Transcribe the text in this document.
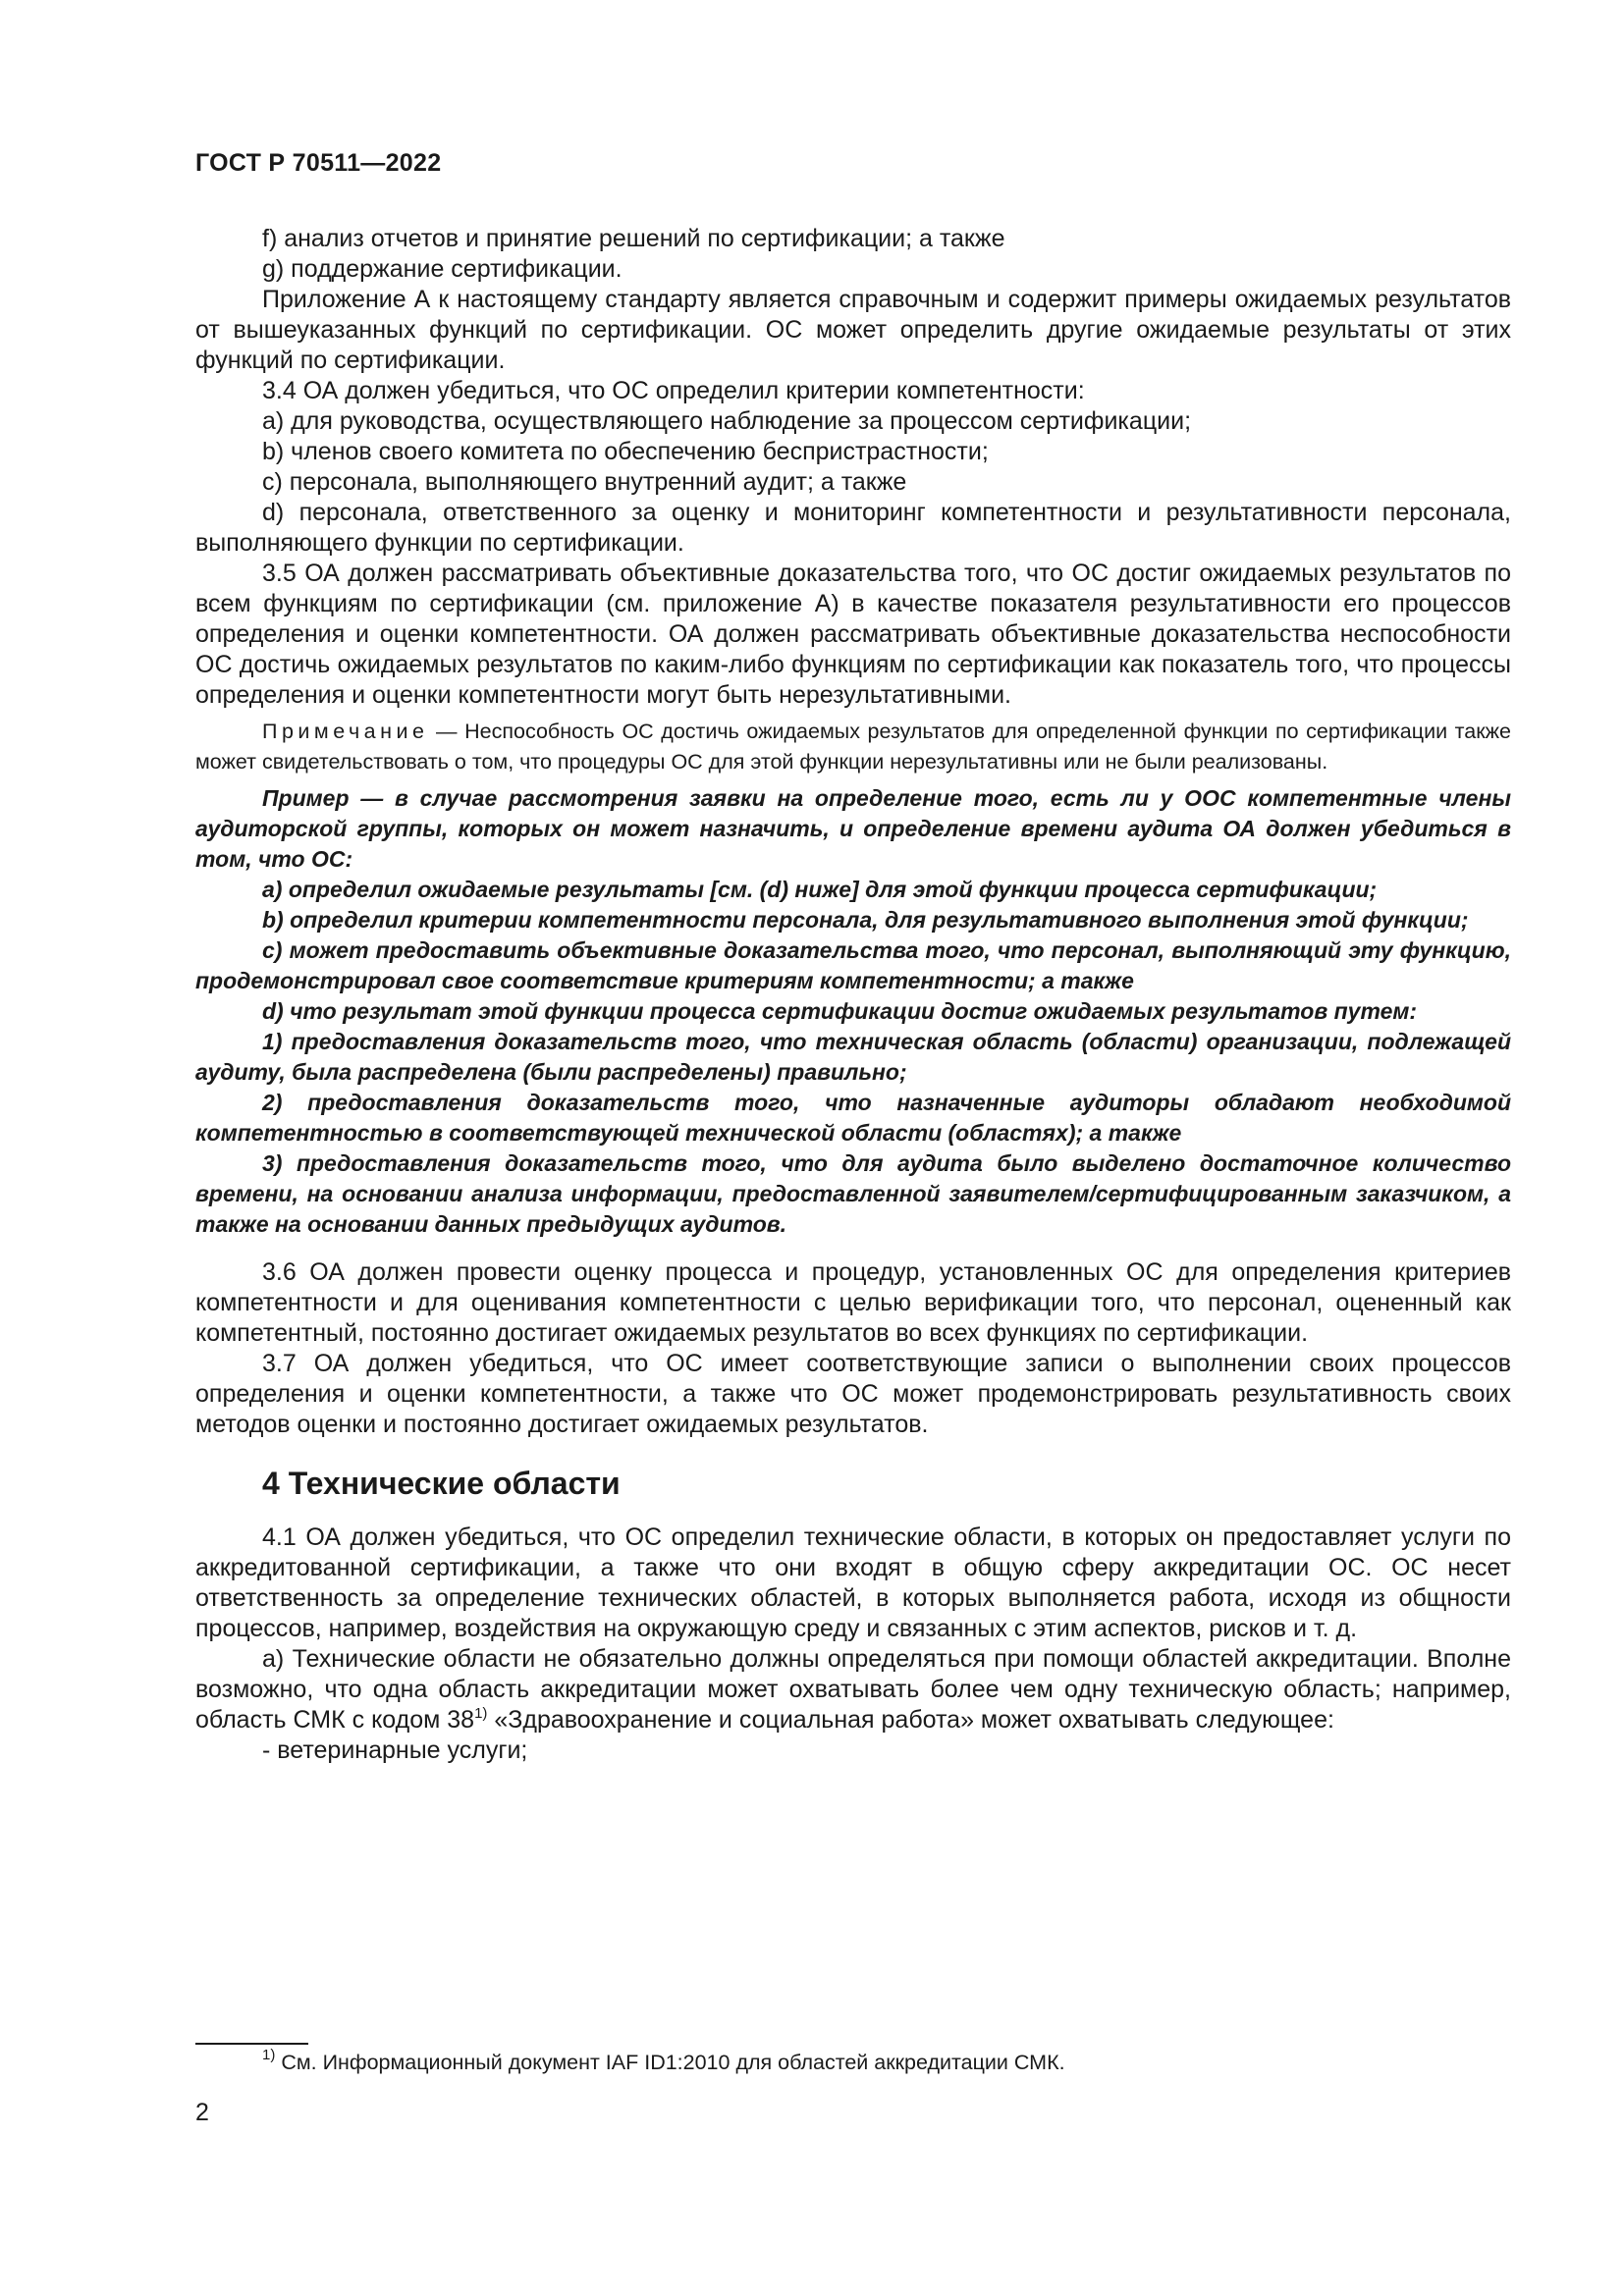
ГОСТ Р 70511—2022

f) анализ отчетов и принятие решений по сертификации; а также

g) поддержание сертификации.

Приложение А к настоящему стандарту является справочным и содержит примеры ожидаемых результатов от вышеуказанных функций по сертификации. ОС может определить другие ожидаемые результаты от этих функций по сертификации.

3.4 ОА должен убедиться, что ОС определил критерии компетентности:

a) для руководства, осуществляющего наблюдение за процессом сертификации;

b) членов своего комитета по обеспечению беспристрастности;

c) персонала, выполняющего внутренний аудит; а также

d) персонала, ответственного за оценку и мониторинг компетентности и результативности персонала, выполняющего функции по сертификации.

3.5 ОА должен рассматривать объективные доказательства того, что ОС достиг ожидаемых результатов по всем функциям по сертификации (см. приложение А) в качестве показателя результативности его процессов определения и оценки компетентности. ОА должен рассматривать объективные доказательства неспособности ОС достичь ожидаемых результатов по каким-либо функциям по сертификации как показатель того, что процессы определения и оценки компетентности могут быть нерезультативными.

Примечание — Неспособность ОС достичь ожидаемых результатов для определенной функции по сертификации также может свидетельствовать о том, что процедуры ОС для этой функции нерезультативны или не были реализованы.

Пример — в случае рассмотрения заявки на определение того, есть ли у ООС компетентные члены аудиторской группы, которых он может назначить, и определение времени аудита ОА должен убедиться в том, что ОС:

a) определил ожидаемые результаты [см. (d) ниже] для этой функции процесса сертификации;

b) определил критерии компетентности персонала, для результативного выполнения этой функции;

c) может предоставить объективные доказательства того, что персонал, выполняющий эту функцию, продемонстрировал свое соответствие критериям компетентности; а также

d) что результат этой функции процесса сертификации достиг ожидаемых результатов путем:

1) предоставления доказательств того, что техническая область (области) организации, подлежащей аудиту, была распределена (были распределены) правильно;

2) предоставления доказательств того, что назначенные аудиторы обладают необходимой компетентностью в соответствующей технической области (областях); а также

3) предоставления доказательств того, что для аудита было выделено достаточное количество времени, на основании анализа информации, предоставленной заявителем/сертифицированным заказчиком, а также на основании данных предыдущих аудитов.

3.6 ОА должен провести оценку процесса и процедур, установленных ОС для определения критериев компетентности и для оценивания компетентности с целью верификации того, что персонал, оцененный как компетентный, постоянно достигает ожидаемых результатов во всех функциях по сертификации.

3.7 ОА должен убедиться, что ОС имеет соответствующие записи о выполнении своих процессов определения и оценки компетентности, а также что ОС может продемонстрировать результативность своих методов оценки и постоянно достигает ожидаемых результатов.

4 Технические области

4.1 ОА должен убедиться, что ОС определил технические области, в которых он предоставляет услуги по аккредитованной сертификации, а также что они входят в общую сферу аккредитации ОС. ОС несет ответственность за определение технических областей, в которых выполняется работа, исходя из общности процессов, например, воздействия на окружающую среду и связанных с этим аспектов, рисков и т. д.

а) Технические области не обязательно должны определяться при помощи областей аккредитации. Вполне возможно, что одна область аккредитации может охватывать более чем одну техническую область; например, область СМК с кодом 38$^{1)}$ «Здравоохранение и социальная работа» может охватывать следующее:

- ветеринарные услуги;

$^{1)}$ См. Информационный документ IAF ID1:2010 для областей аккредитации СМК.
2
